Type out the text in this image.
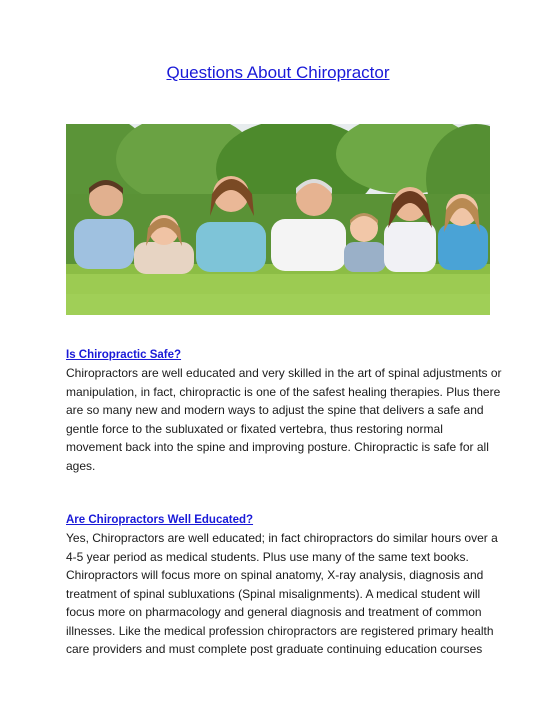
Questions About Chiropractor
Is Chiropractic Safe?
Chiropractors are well educated and very skilled in the art of spinal adjustments or
manipulation, in fact, chiropractic is one of the safest healing therapies. Plus there
are so many new and modern ways to adjust the spine that delivers a safe and
gentle force to the subluxated or fixated vertebra, thus restoring normal
movement back into the spine and improving posture. Chiropractic is safe for all
ages.
Are Chiropractors Well Educated?
Yes, Chiropractors are well educated; in fact chiropractors do similar hours over a
4-5 year period as medical students. Plus use many of the same text books.
Chiropractors will focus more on spinal anatomy, X-ray analysis, diagnosis and
treatment of spinal subluxations (Spinal misalignments). A medical student will
focus more on pharmacology and general diagnosis and treatment of common
illnesses. Like the medical profession chiropractors are registered primary health
care providers and must complete post graduate continuing education courses
